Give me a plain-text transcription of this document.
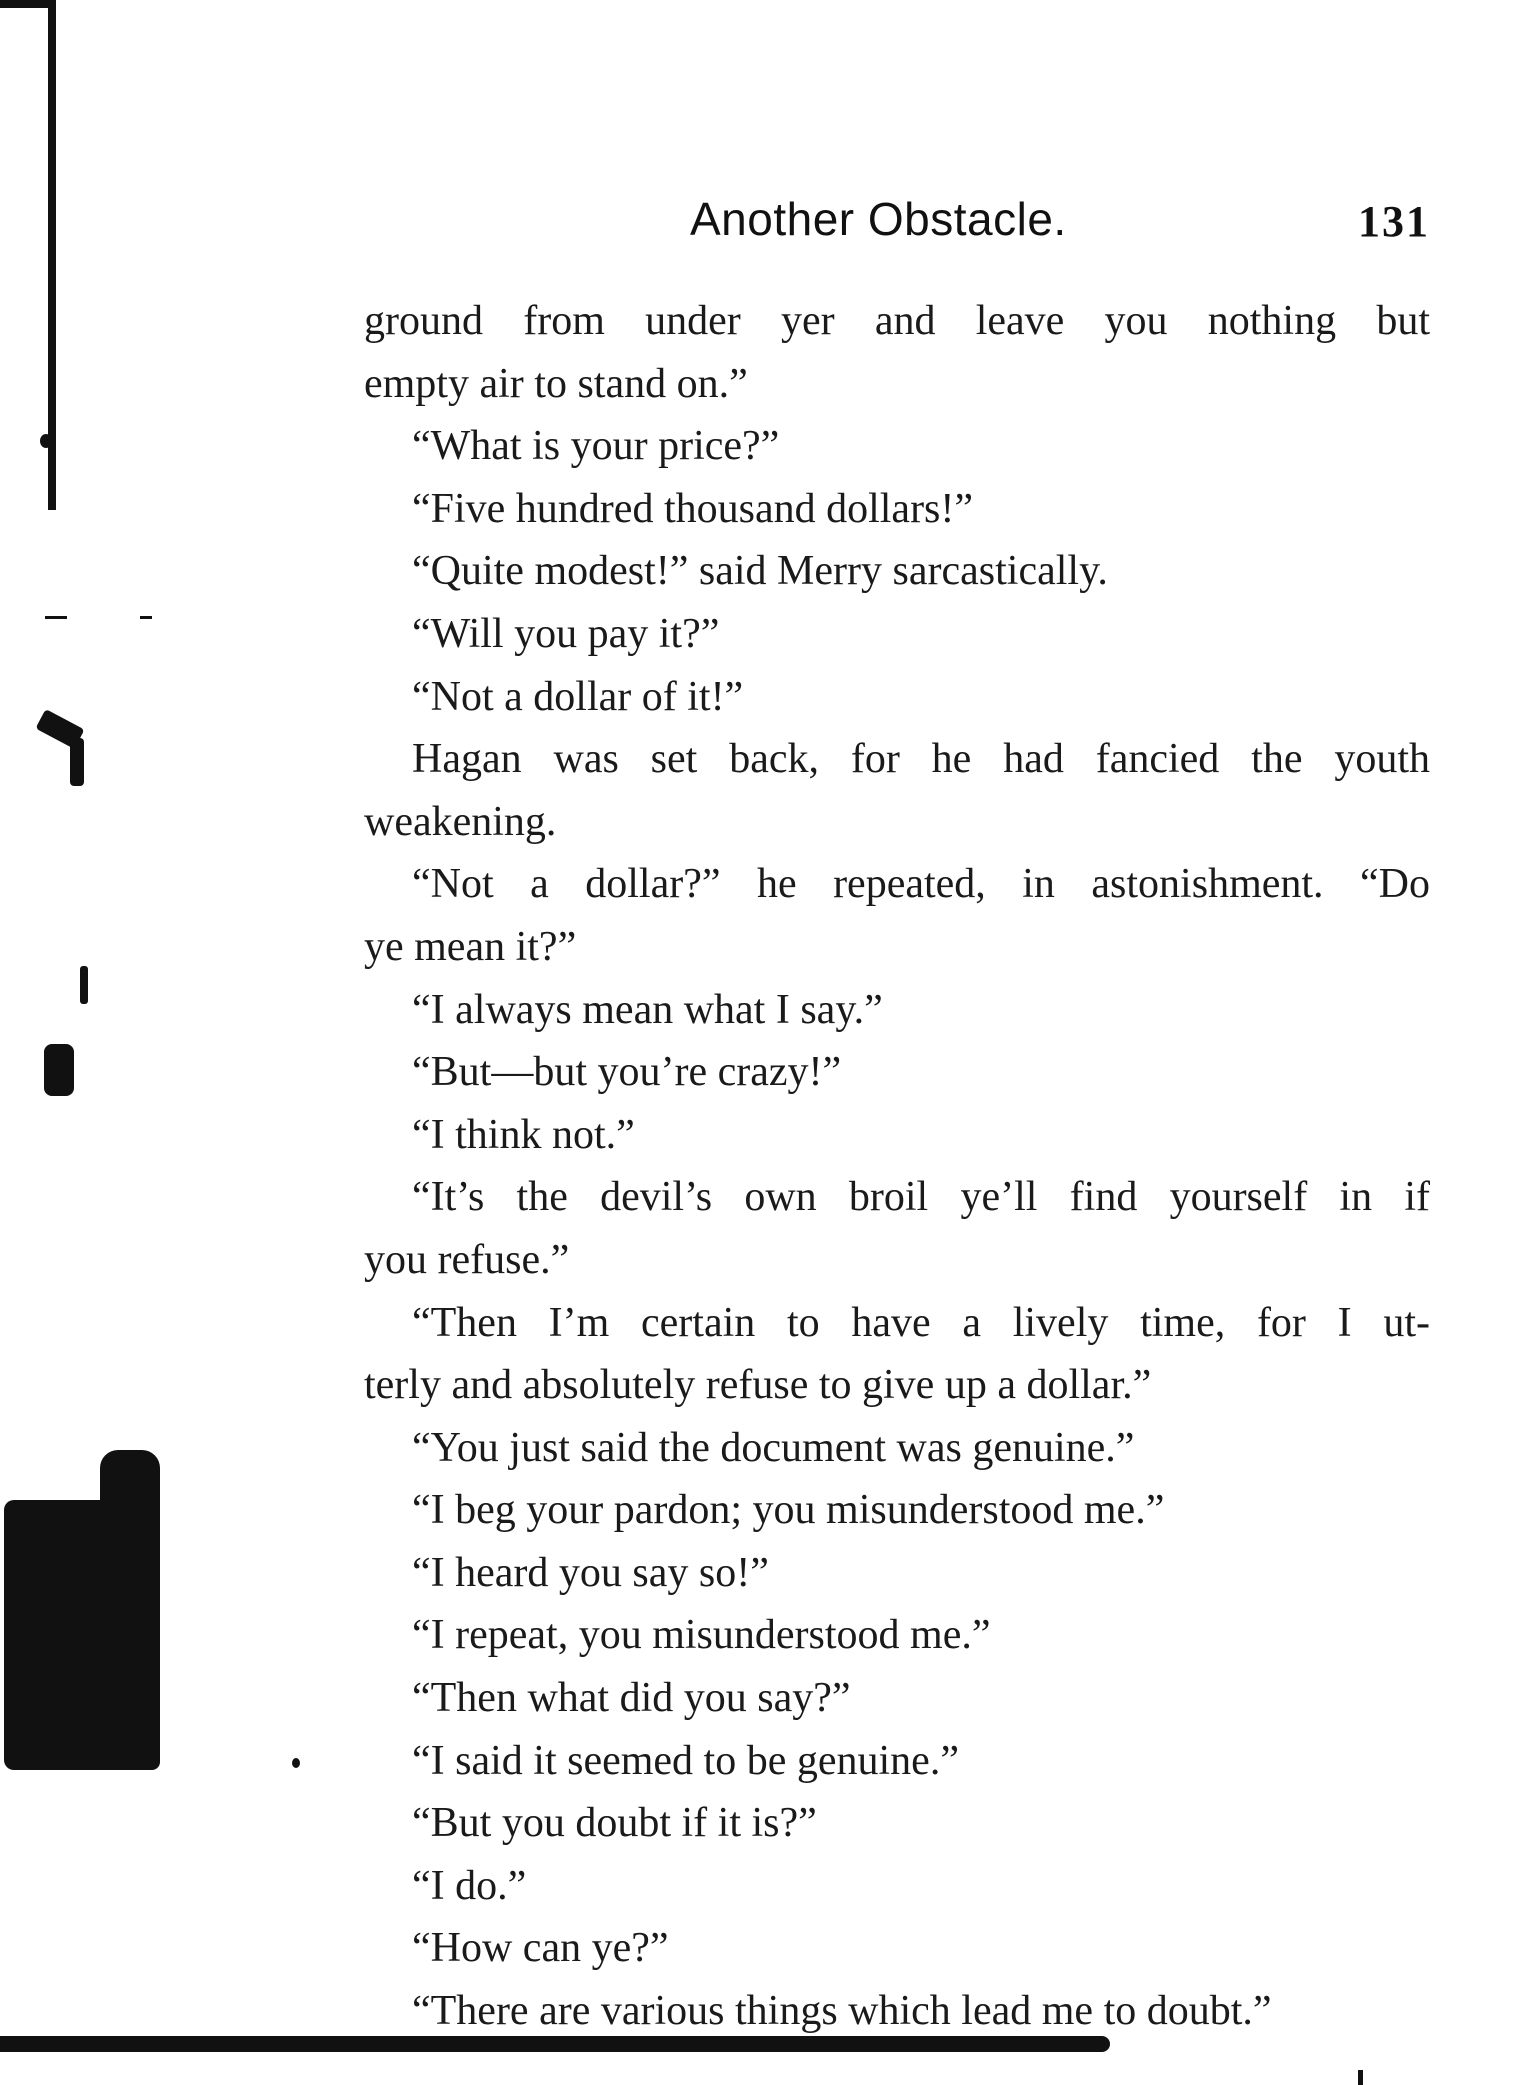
Another Obstacle.	131
ground from under yer and leave you nothing but
empty air to stand on.”
“What is your price?”
“Five hundred thousand dollars!”
“Quite modest!” said Merry sarcastically.
“Will you pay it?”
“Not a dollar of it!”
Hagan was set back, for he had fancied the youth
weakening.
“Not a dollar?” he repeated, in astonishment. “Do
ye mean it?”
“I always mean what I say.”
“But—but you’re crazy!”
“I think not.”
“It’s the devil’s own broil ye’ll find yourself in if
you refuse.”
“Then I’m certain to have a lively time, for I ut-
terly and absolutely refuse to give up a dollar.”
“You just said the document was genuine.”
“I beg your pardon; you misunderstood me.”
“I heard you say so!”
“I repeat, you misunderstood me.”
“Then what did you say?”
“I said it seemed to be genuine.”
“But you doubt if it is?”
“I do.”
“How can ye?”
“There are various things which lead me to doubt.”
